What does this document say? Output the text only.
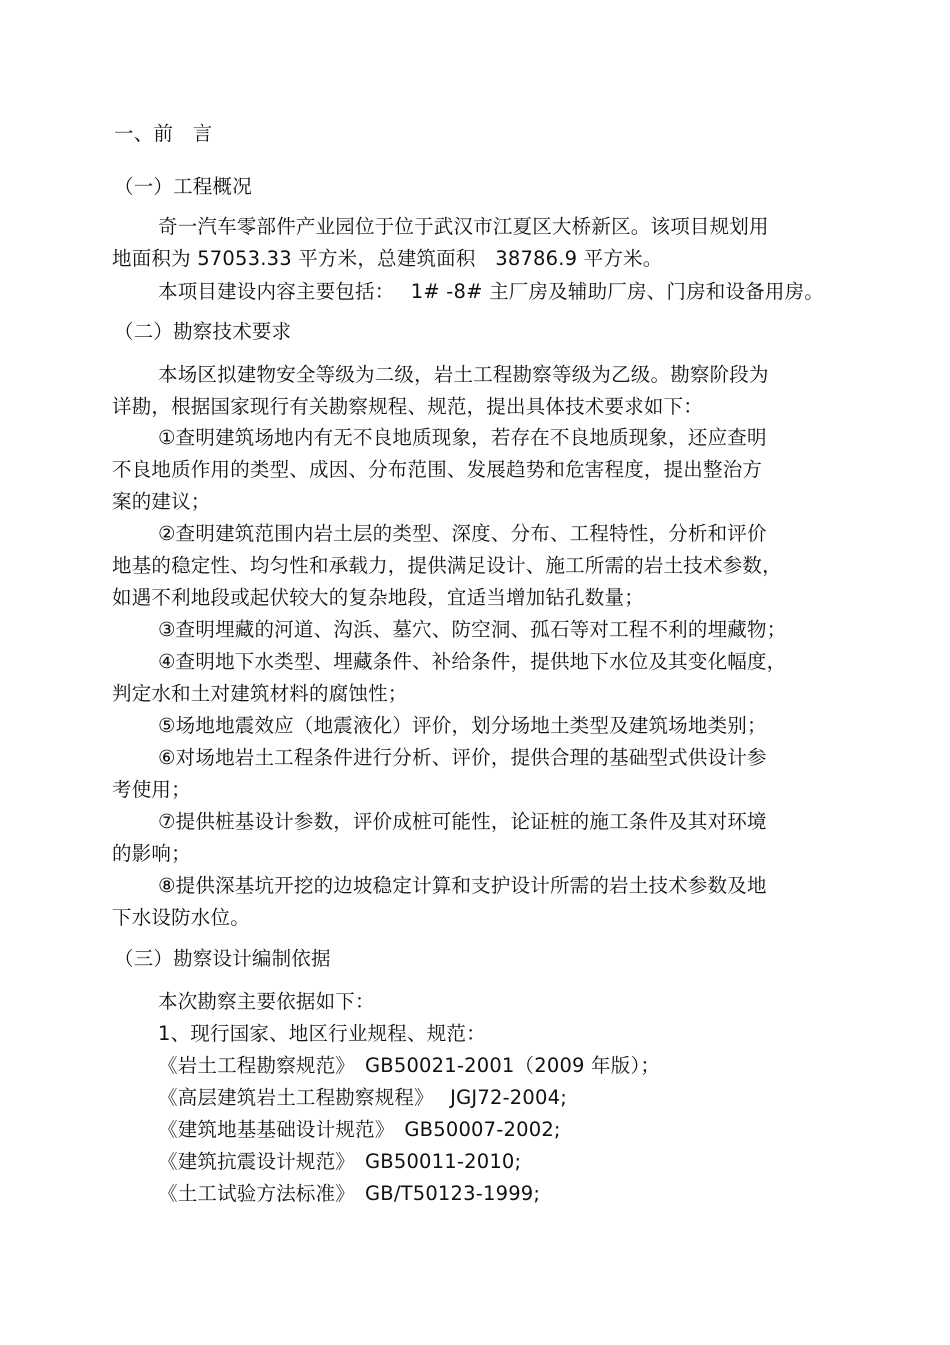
一、前　言
（一）工程概况
奇一汽车零部件产业园位于位于武汉市江夏区大桥新区。该项目规划用
地面积为 57053.33 平方米，总建筑面积　38786.9 平方米。
本项目建设内容主要包括：　 1# -8# 主厂房及辅助厂房、门房和设备用房。
（二）勘察技术要求
本场区拟建物安全等级为二级，岩土工程勘察等级为乙级。勘察阶段为
详勘，根据国家现行有关勘察规程、规范，提出具体技术要求如下：
①查明建筑场地内有无不良地质现象，若存在不良地质现象，还应查明
不良地质作用的类型、成因、分布范围、发展趋势和危害程度，提出整治方
案的建议；
②查明建筑范围内岩土层的类型、深度、分布、工程特性，分析和评价
地基的稳定性、均匀性和承载力，提供满足设计、施工所需的岩土技术参数，
如遇不利地段或起伏较大的复杂地段，宜适当增加钻孔数量；
③查明埋藏的河道、沟浜、墓穴、防空洞、孤石等对工程不利的埋藏物；
④查明地下水类型、埋藏条件、补给条件，提供地下水位及其变化幅度，
判定水和土对建筑材料的腐蚀性；
⑤场地地震效应（地震液化）评价，划分场地土类型及建筑场地类别；
⑥对场地岩土工程条件进行分析、评价，提供合理的基础型式供设计参
考使用；
⑦提供桩基设计参数，评价成桩可能性，论证桩的施工条件及其对环境
的影响；
⑧提供深基坑开挖的边坡稳定计算和支护设计所需的岩土技术参数及地
下水设防水位。
（三）勘察设计编制依据
本次勘察主要依据如下：
1、现行国家、地区行业规程、规范：
《岩土工程勘察规范》　GB50021-2001（2009 年版）；
《高层建筑岩土工程勘察规程》　 JGJ72-2004;
《建筑地基基础设计规范》　GB50007-2002;
《建筑抗震设计规范》　GB50011-2010;
《土工试验方法标准》　GB/T50123-1999;
